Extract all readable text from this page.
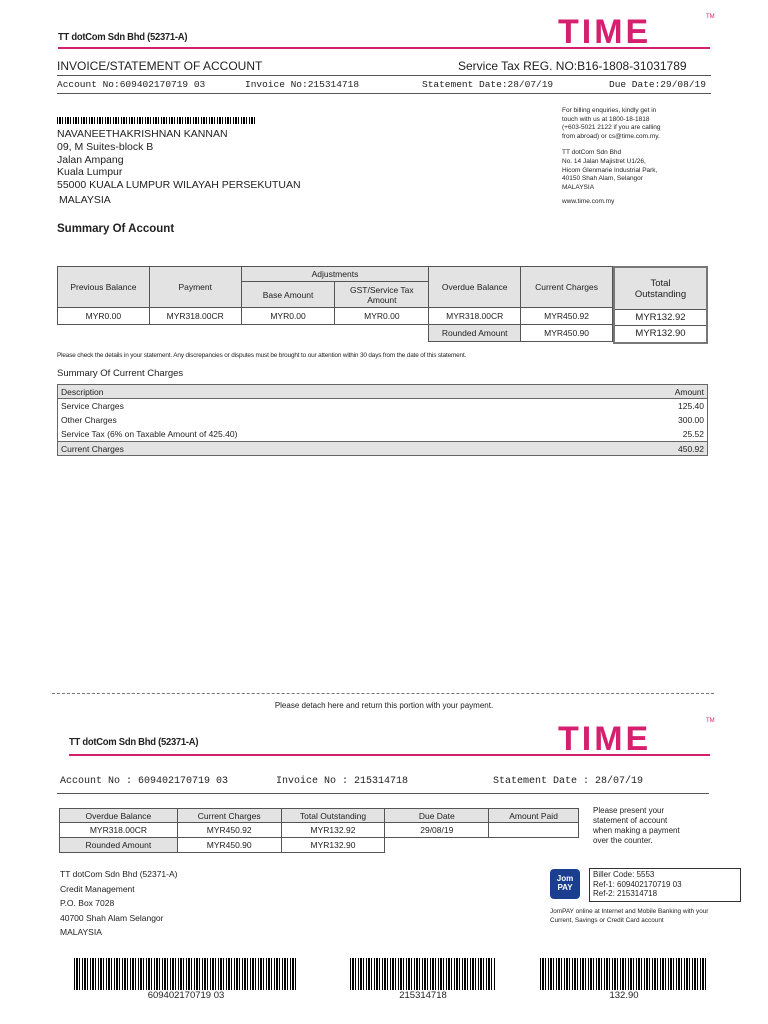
TT dotCom Sdn Bhd (52371-A)	TIME	TM
INVOICE/STATEMENT OF ACCOUNT	Service Tax REG. NO:B16-1808-31031789
Account No:609402170719 03	Invoice No:215314718	Statement Date:28/07/19	Due Date:29/08/19
NAVANEETHAKRISHNAN KANNAN
09, M Suites-block B
Jalan Ampang
Kuala Lumpur
55000 KUALA LUMPUR WILAYAH PERSEKUTUAN
MALAYSIA
For billing enquiries, kindly get in
touch with us at 1800-18-1818
(+603-5021 2122 if you are calling
from abroad) or cs@time.com.my.
TT dotCom Sdn Bhd
No. 14 Jalan Majistret U1/26,
Hicom Glenmarie Industrial Park,
40150 Shah Alam, Selangor
MALAYSIA
www.time.com.my
Summary Of Account
Previous Balance	Payment	Adjustments		Overdue Balance	Current Charges
		Base Amount	GST/Service Tax Amount		
MYR0.00	MYR318.00CR	MYR0.00	MYR0.00	MYR318.00CR	MYR450.92
				Rounded Amount	MYR450.90
Total Outstanding
MYR132.92
MYR132.90
Please check the details in your statement. Any discrepancies or disputes must be brought to our attention within 30 days from the date of this statement.
Summary Of Current Charges
Description	Amount
Service Charges	125.40
Other Charges	300.00
Service Tax (6% on Taxable Amount of 425.40)	25.52
Current Charges	450.92
Please detach here and return this portion with your payment.
TT dotCom Sdn Bhd (52371-A)	TIME	TM
Account No : 609402170719 03	Invoice No : 215314718	Statement Date : 28/07/19
Overdue Balance	Current Charges	Total Outstanding	Due Date	Amount Paid
MYR318.00CR	MYR450.92	MYR132.92	29/08/19	
Rounded Amount	MYR450.90	MYR132.90		
Please present your
statement of account
when making a payment
over the counter.
TT dotCom Sdn Bhd (52371-A)
Credit Management
P.O. Box 7028
40700 Shah Alam Selangor
MALAYSIA
Jom
PAY
Biller Code: 5553
Ref-1: 609402170719 03
Ref-2: 215314718
JomPAY online at Internet and Mobile Banking with your
Current, Savings or Credit Card account
609402170719 03	215314718	132.90
